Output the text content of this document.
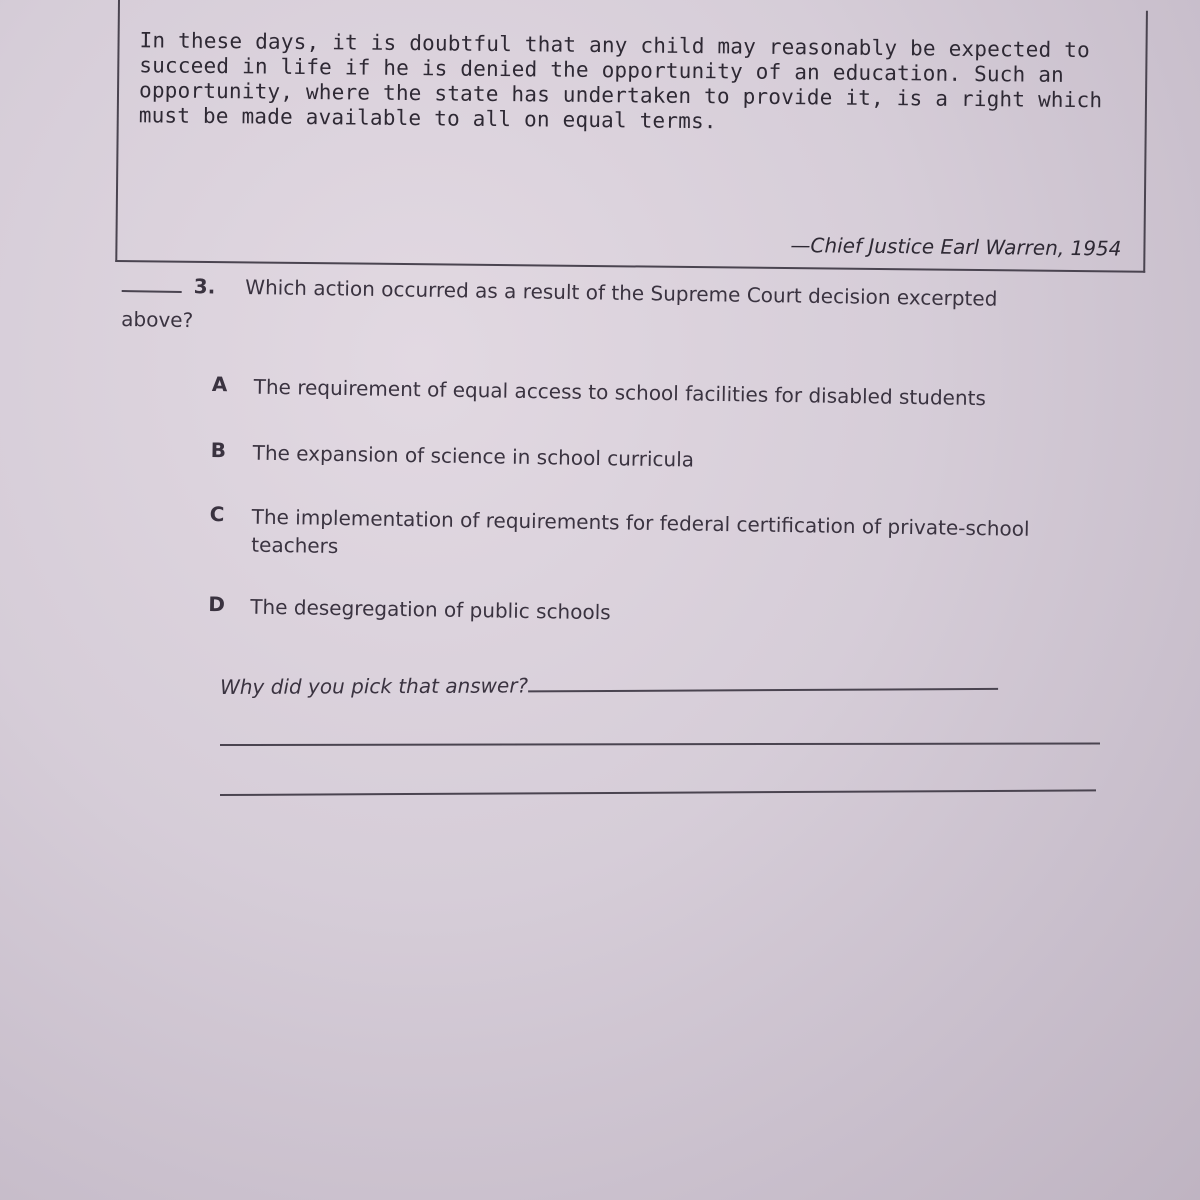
In these days, it is doubtful that any child may reasonably be expected to succeed in life if he is denied the opportunity of an education. Such an opportunity, where the state has undertaken to provide it, is a right which must be made available to all on equal terms.

—Chief Justice Earl Warren, 1954
3. Which action occurred as a result of the Supreme Court decision excerpted
above?
A	The requirement of equal access to school facilities for disabled students
B	The expansion of science in school curricula
C	The implementation of requirements for federal certification of private-school teachers
D	The desegregation of public schools
Why did you pick that answer?
